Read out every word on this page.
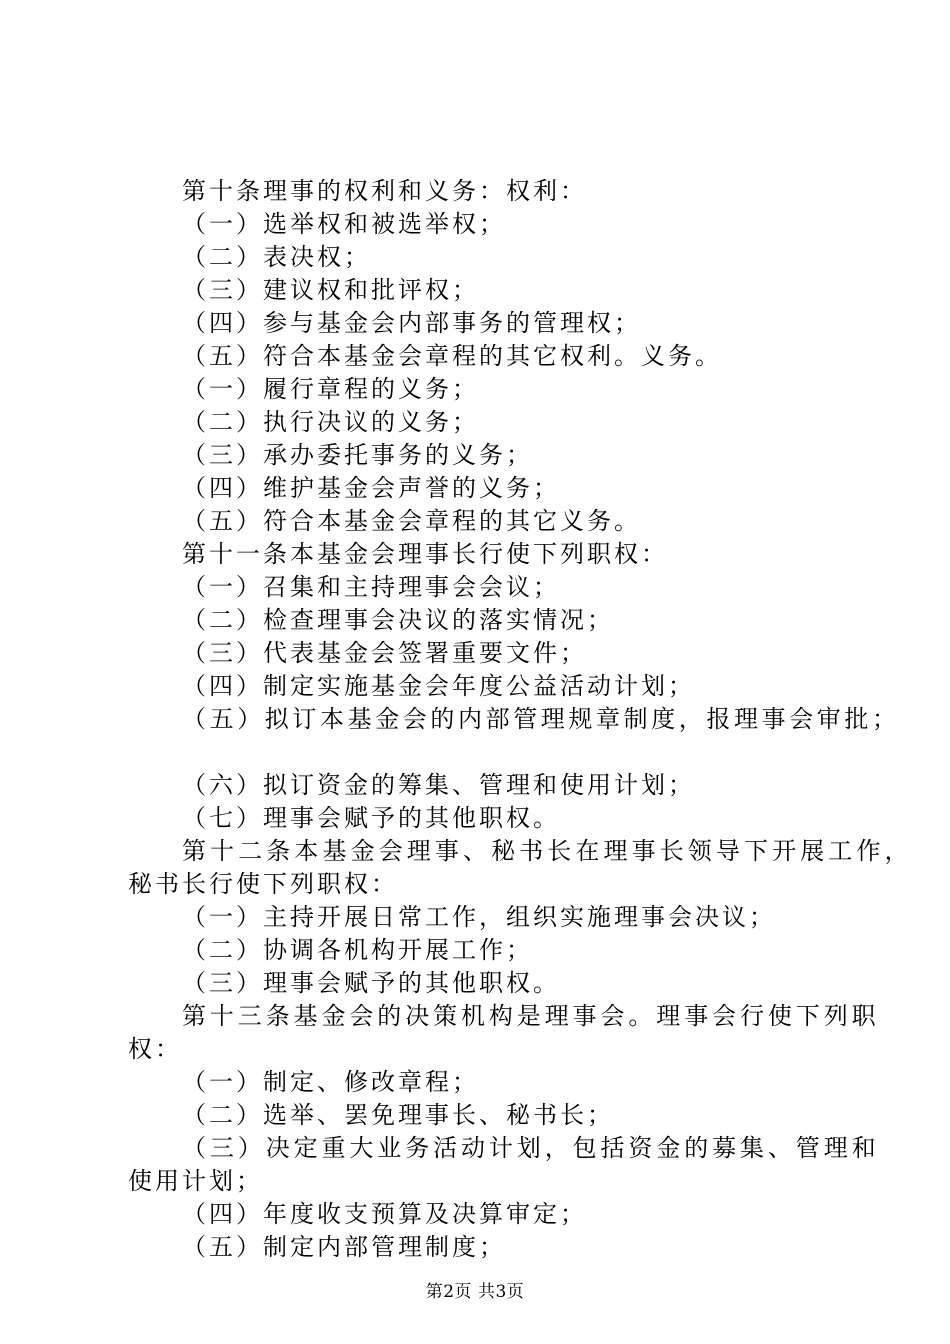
第十条理事的权利和义务：权利：
（一）选举权和被选举权；
（二）表决权；
（三）建议权和批评权；
（四）参与基金会内部事务的管理权；
（五）符合本基金会章程的其它权利。义务。
（一）履行章程的义务；
（二）执行决议的义务；
（三）承办委托事务的义务；
（四）维护基金会声誉的义务；
（五）符合本基金会章程的其它义务。
第十一条本基金会理事长行使下列职权：
（一）召集和主持理事会会议；
（二）检查理事会决议的落实情况；
（三）代表基金会签署重要文件；
（四）制定实施基金会年度公益活动计划；
（五）拟订本基金会的内部管理规章制度，报理事会审批；
（六）拟订资金的筹集、管理和使用计划；
（七）理事会赋予的其他职权。
第十二条本基金会理事、秘书长在理事长领导下开展工作，
秘书长行使下列职权：
（一）主持开展日常工作，组织实施理事会决议；
（二）协调各机构开展工作；
（三）理事会赋予的其他职权。
第十三条基金会的决策机构是理事会。理事会行使下列职
权：
（一）制定、修改章程；
（二）选举、罢免理事长、秘书长；
（三）决定重大业务活动计划，包括资金的募集、管理和
使用计划；
（四）年度收支预算及决算审定；
（五）制定内部管理制度；
第2页 共3页
